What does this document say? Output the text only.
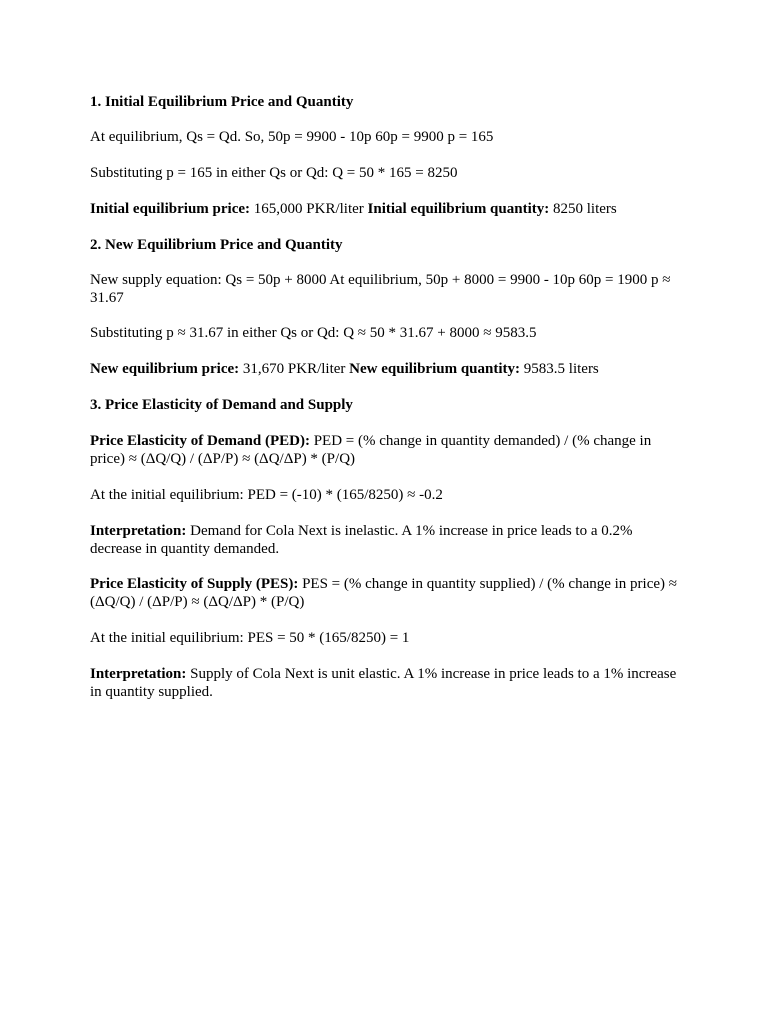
1. Initial Equilibrium Price and Quantity

At equilibrium, Qs = Qd. So, 50p = 9900 - 10p 60p = 9900 p = 165

Substituting p = 165 in either Qs or Qd: Q = 50 * 165 = 8250

Initial equilibrium price: 165,000 PKR/liter Initial equilibrium quantity: 8250 liters

2. New Equilibrium Price and Quantity

New supply equation: Qs = 50p + 8000 At equilibrium, 50p + 8000 = 9900 - 10p 60p = 1900 p ≈ 31.67

Substituting p ≈ 31.67 in either Qs or Qd: Q ≈ 50 * 31.67 + 8000 ≈ 9583.5

New equilibrium price: 31,670 PKR/liter New equilibrium quantity: 9583.5 liters

3. Price Elasticity of Demand and Supply

Price Elasticity of Demand (PED): PED = (% change in quantity demanded) / (% change in price) ≈ (ΔQ/Q) / (ΔP/P) ≈ (ΔQ/ΔP) * (P/Q)

At the initial equilibrium: PED = (-10) * (165/8250) ≈ -0.2

Interpretation: Demand for Cola Next is inelastic. A 1% increase in price leads to a 0.2% decrease in quantity demanded.

Price Elasticity of Supply (PES): PES = (% change in quantity supplied) / (% change in price) ≈ (ΔQ/Q) / (ΔP/P) ≈ (ΔQ/ΔP) * (P/Q)

At the initial equilibrium: PES = 50 * (165/8250) = 1

Interpretation: Supply of Cola Next is unit elastic. A 1% increase in price leads to a 1% increase in quantity supplied.
